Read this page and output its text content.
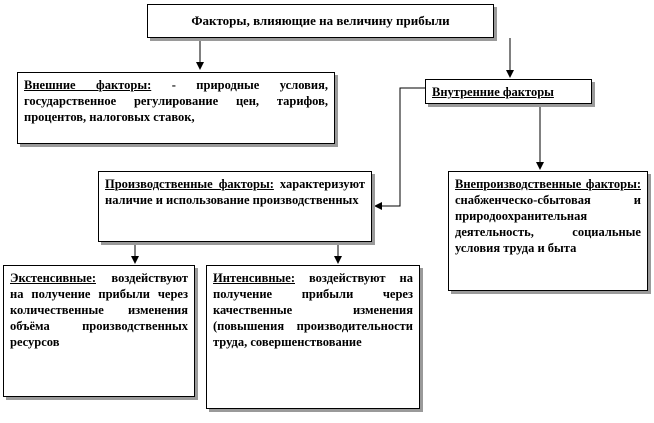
Факторы, влияющие на величину прибыли
Внешние факторы: - природные условия, государственное регулирование цен, тарифов, процентов, налоговых ставок,
Внутренние факторы
Производственные факторы: характеризуют наличие и использование производственных
Внепроизводственные факторы: снабженческо-сбытовая и природоохранительная деятельность, социальные условия труда и быта
Экстенсивные: воздействуют на получение прибыли через количественные изменения объёма производственных ресурсов
Интенсивные: воздействуют на получение прибыли через качественные изменения (повышения производительности труда, совершенствование
